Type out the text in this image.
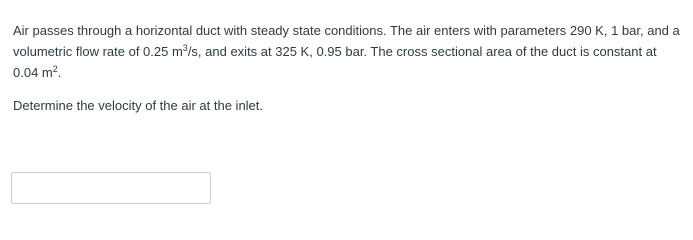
Air passes through a horizontal duct with steady state conditions. The air enters with parameters 290 K, 1 bar, and a volumetric flow rate of 0.25 $m^3/s$, and exits at 325 K, 0.95 bar. The cross sectional area of the duct is constant at 0.04 $m^2$.

Determine the velocity of the air at the inlet.
